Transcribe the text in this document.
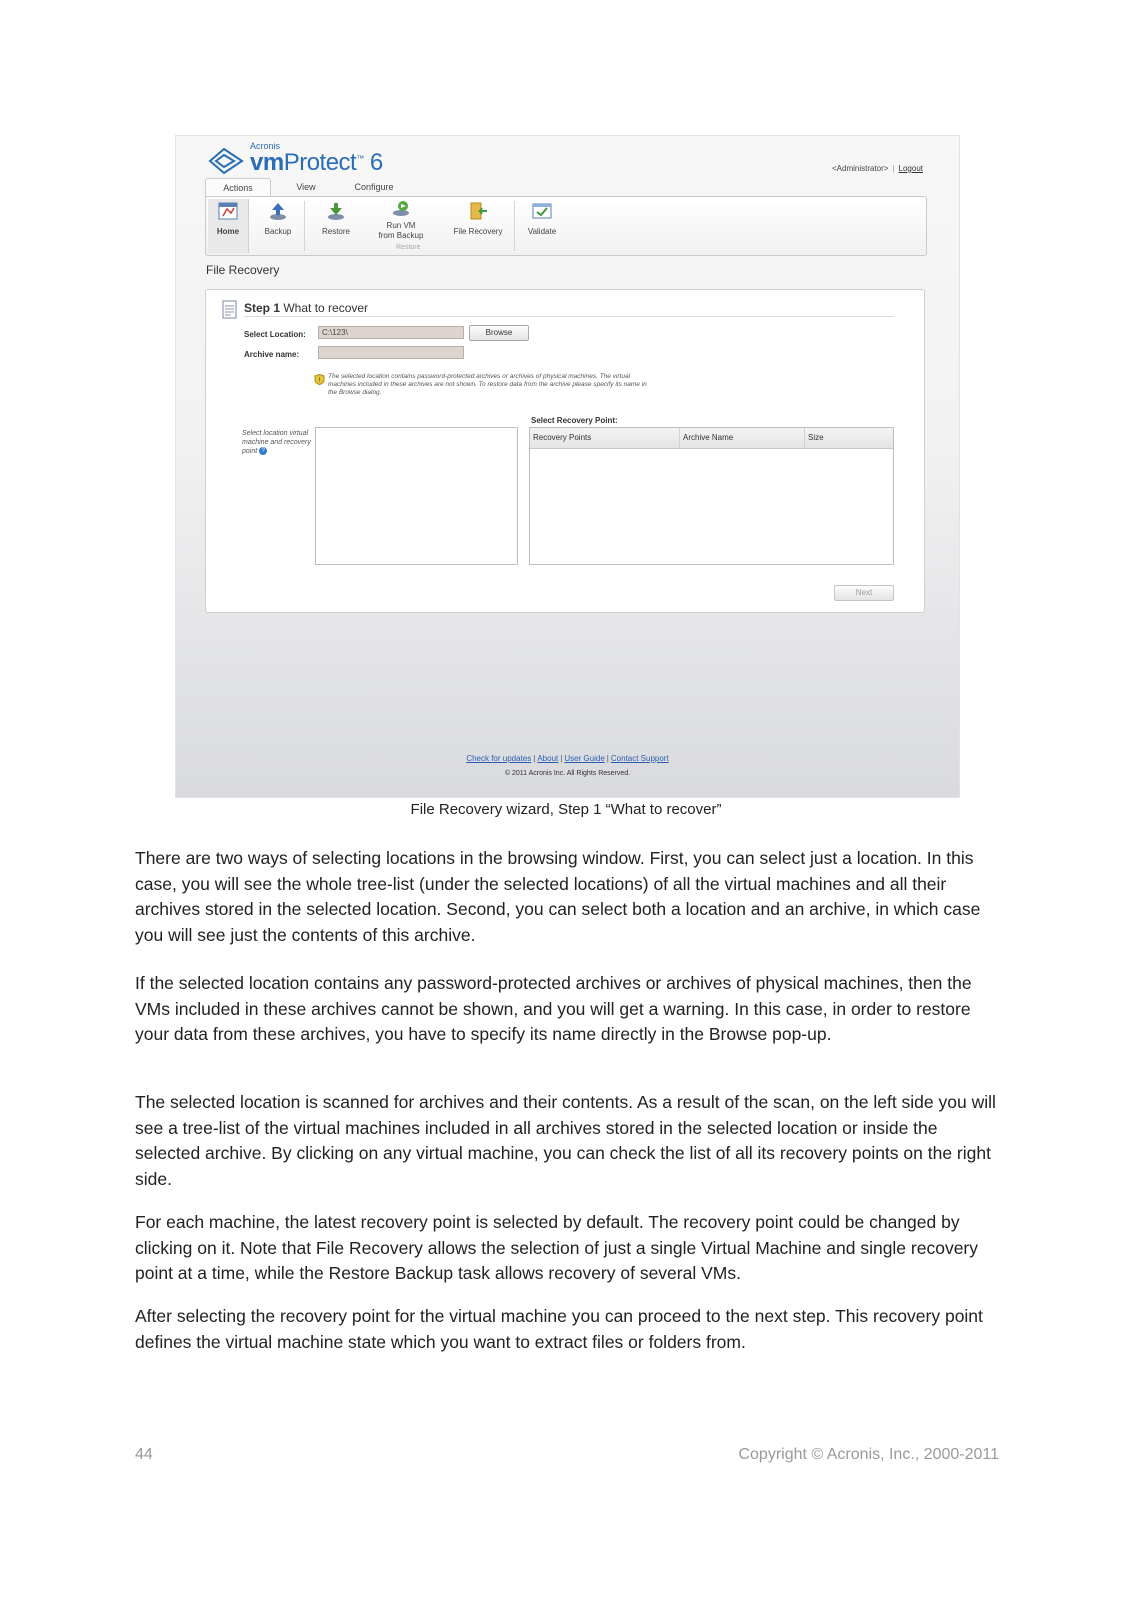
Acronis
vmProtect™ 6	<Administrator> | Logout
Actions	View	Configure
Home	Backup	Restore
Run VM
from Backup	File Recovery	Validate
Restore
File Recovery
Step 1 What to recover
Select Location:	C:\123\	Browse
Archive name:
!
The selected location contains password-protected archives or archives of physical machines. The virtual machines included in these archives are not shown. To restore data from the archive please specify its name in the Browse dialog.
Select location virtual machine and recovery point ?
Select Recovery Point:
Recovery Points	Archive Name	Size
Next
Check for updates | About | User Guide | Contact Support
© 2011 Acronis Inc. All Rights Reserved.
File Recovery wizard, Step 1 “What to recover”

There are two ways of selecting locations in the browsing window. First, you can select just a location. In this case, you will see the whole tree-list (under the selected locations) of all the virtual machines and all their archives stored in the selected location. Second, you can select both a location and an archive, in which case you will see just the contents of this archive.

If the selected location contains any password-protected archives or archives of physical machines, then the VMs included in these archives cannot be shown, and you will get a warning. In this case, in order to restore your data from these archives, you have to specify its name directly in the Browse pop-up.

The selected location is scanned for archives and their contents. As a result of the scan, on the left side you will see a tree-list of the virtual machines included in all archives stored in the selected location or inside the selected archive. By clicking on any virtual machine, you can check the list of all its recovery points on the right side.

For each machine, the latest recovery point is selected by default. The recovery point could be changed by clicking on it. Note that File Recovery allows the selection of just a single Virtual Machine and single recovery point at a time, while the Restore Backup task allows recovery of several VMs.

After selecting the recovery point for the virtual machine you can proceed to the next step. This recovery point defines the virtual machine state which you want to extract files or folders from.

44	Copyright © Acronis, Inc., 2000-2011
